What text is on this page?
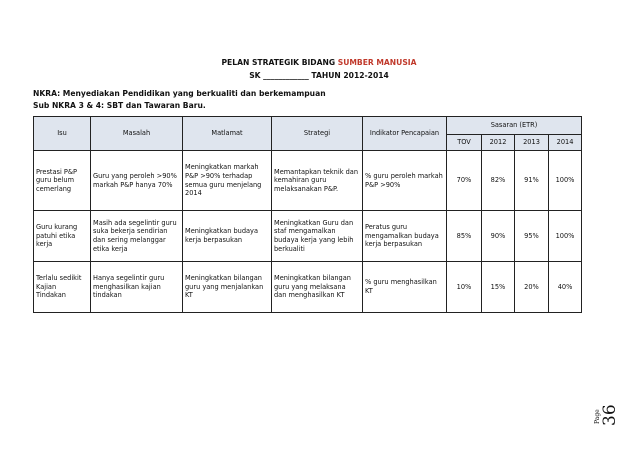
PELAN STRATEGIK BIDANG SUMBER MANUSIA
SK ____________ TAHUN 2012-2014
NKRA: Menyediakan Pendidikan yang berkualiti dan berkemampuan
Sub NKRA 3 & 4: SBT dan Tawaran Baru.
Isu	Masalah	Matlamat	Strategi	Indikator Pencapaian	Sasaran (ETR)			
					TOV	2012	2013	2014
Prestasi P&P guru belum cemerlang	Guru yang peroleh >90% markah P&P hanya 70%	Meningkatkan markah P&P >90% terhadap semua guru menjelang 2014	Memantapkan teknik dan kemahiran guru melaksanakan P&P.	% guru peroleh markah P&P >90%	70%	82%	91%	100%
Guru kurang patuhi etika kerja	Masih ada segelintir guru suka bekerja sendirian dan sering melanggar etika kerja	Meningkatkan budaya kerja berpasukan	Meningkatkan Guru dan staf mengamalkan budaya kerja yang lebih berkualiti	Peratus guru mengamalkan budaya kerja berpasukan	85%	90%	95%	100%
Terlalu sedikit Kajian Tindakan	Hanya segelintir guru menghasilkan kajian tindakan	Meningkatkan bilangan guru yang menjalankan KT	Meningkatkan bilangan guru yang melaksana dan menghasilkan KT	% guru menghasilkan KT	10%	15%	20%	40%
36
Page
